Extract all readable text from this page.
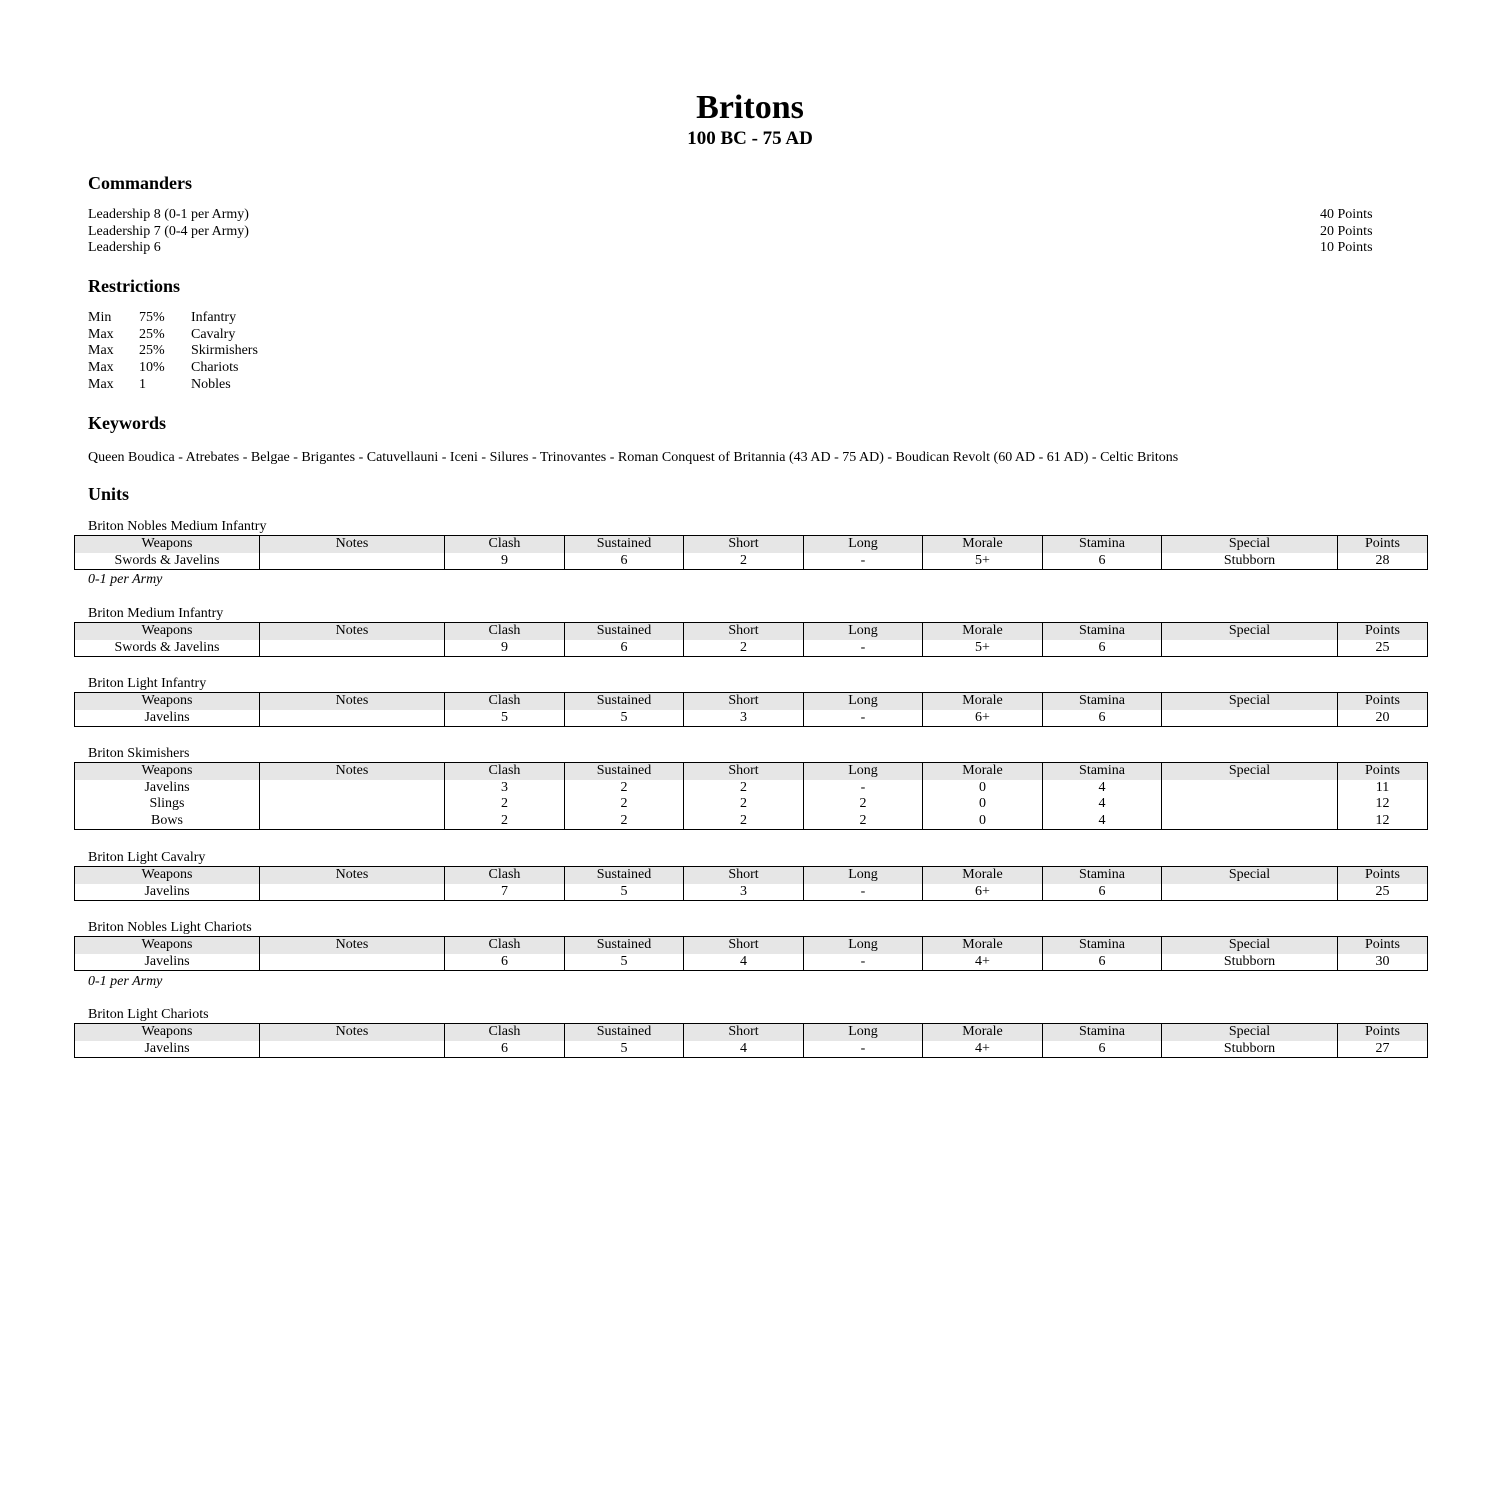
Britons
100 BC - 75 AD
Commanders
Leadership 8 (0-1 per Army)	40 Points
Leadership 7 (0-4 per Army)	20 Points
Leadership 6	10 Points
Restrictions
Min	75%	Infantry
Max	25%	Cavalry
Max	25%	Skirmishers
Max	10%	Chariots
Max	1	Nobles
Keywords
Queen Boudica - Atrebates - Belgae - Brigantes - Catuvellauni - Iceni - Silures - Trinovantes - Roman Conquest of Britannia (43 AD - 75 AD) - Boudican Revolt (60 AD - 61 AD) - Celtic Britons
Units
Briton Nobles Medium Infantry
Weapons	Notes	Clash	Sustained	Short	Long	Morale	Stamina	Special	Points
Swords & Javelins		9	6	2	-	5+	6	Stubborn	28
0-1 per Army
Briton Medium Infantry
Weapons	Notes	Clash	Sustained	Short	Long	Morale	Stamina	Special	Points
Swords & Javelins		9	6	2	-	5+	6		25
Briton Light Infantry
Weapons	Notes	Clash	Sustained	Short	Long	Morale	Stamina	Special	Points
Javelins		5	5	3	-	6+	6		20
Briton Skimishers
Weapons	Notes	Clash	Sustained	Short	Long	Morale	Stamina	Special	Points
Javelins		3	2	2	-	0	4		11
Slings		2	2	2	2	0	4		12
Bows		2	2	2	2	0	4		12
Briton Light Cavalry
Weapons	Notes	Clash	Sustained	Short	Long	Morale	Stamina	Special	Points
Javelins		7	5	3	-	6+	6		25
Briton Nobles Light Chariots
Weapons	Notes	Clash	Sustained	Short	Long	Morale	Stamina	Special	Points
Javelins		6	5	4	-	4+	6	Stubborn	30
0-1 per Army
Briton Light Chariots
Weapons	Notes	Clash	Sustained	Short	Long	Morale	Stamina	Special	Points
Javelins		6	5	4	-	4+	6	Stubborn	27
